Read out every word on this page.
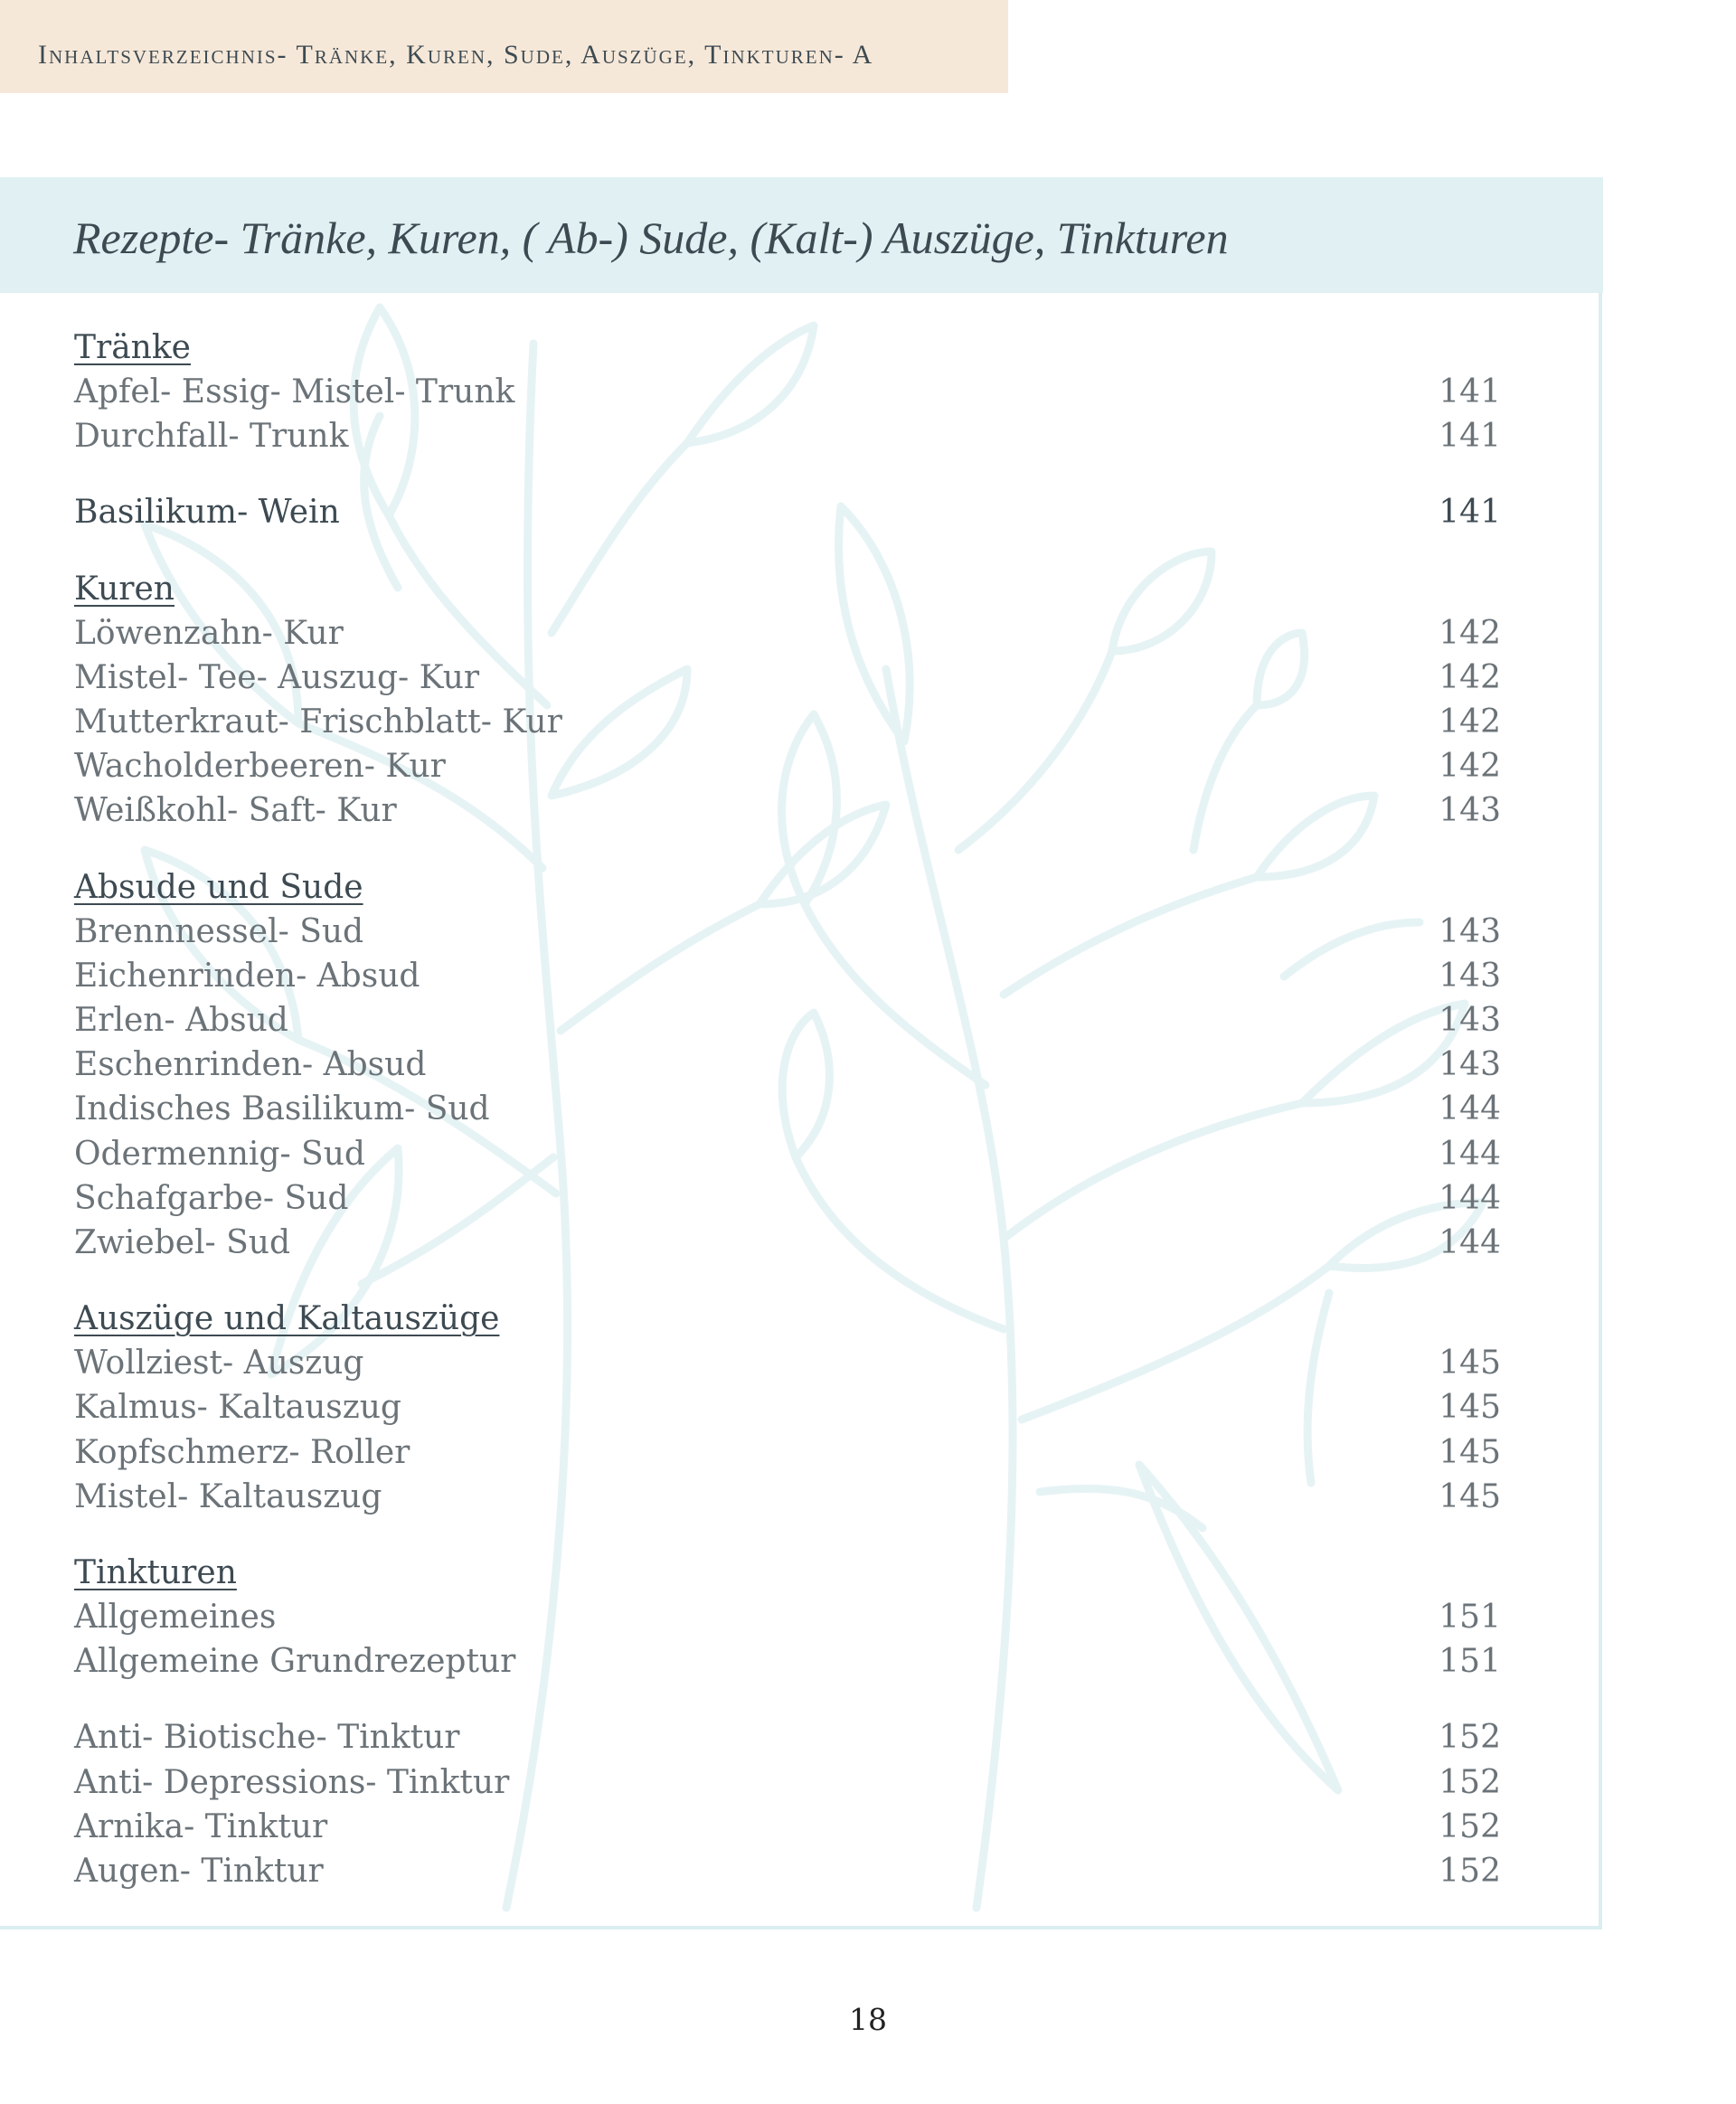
Inhaltsverzeichnis- Tränke, Kuren, Sude, Auszüge, Tinkturen- A
Rezepte- Tränke, Kuren, ( Ab-) Sude, (Kalt-) Auszüge, Tinkturen
Tränke
Apfel- Essig- Mistel- Trunk	141
Durchfall- Trunk	141
Basilikum- Wein	141
Kuren
Löwenzahn- Kur	142
Mistel- Tee- Auszug- Kur	142
Mutterkraut- Frischblatt- Kur	142
Wacholderbeeren- Kur	142
Weißkohl- Saft- Kur	143
Absude und Sude
Brennnessel- Sud	143
Eichenrinden- Absud	143
Erlen- Absud	143
Eschenrinden- Absud	143
Indisches Basilikum- Sud	144
Odermennig- Sud	144
Schafgarbe- Sud	144
Zwiebel- Sud	144
Auszüge und Kaltauszüge
Wollziest- Auszug	145
Kalmus- Kaltauszug	145
Kopfschmerz- Roller	145
Mistel- Kaltauszug	145
Tinkturen
Allgemeines	151
Allgemeine Grundrezeptur	151
Anti- Biotische- Tinktur	152
Anti- Depressions- Tinktur	152
Arnika- Tinktur	152
Augen- Tinktur	152
18
